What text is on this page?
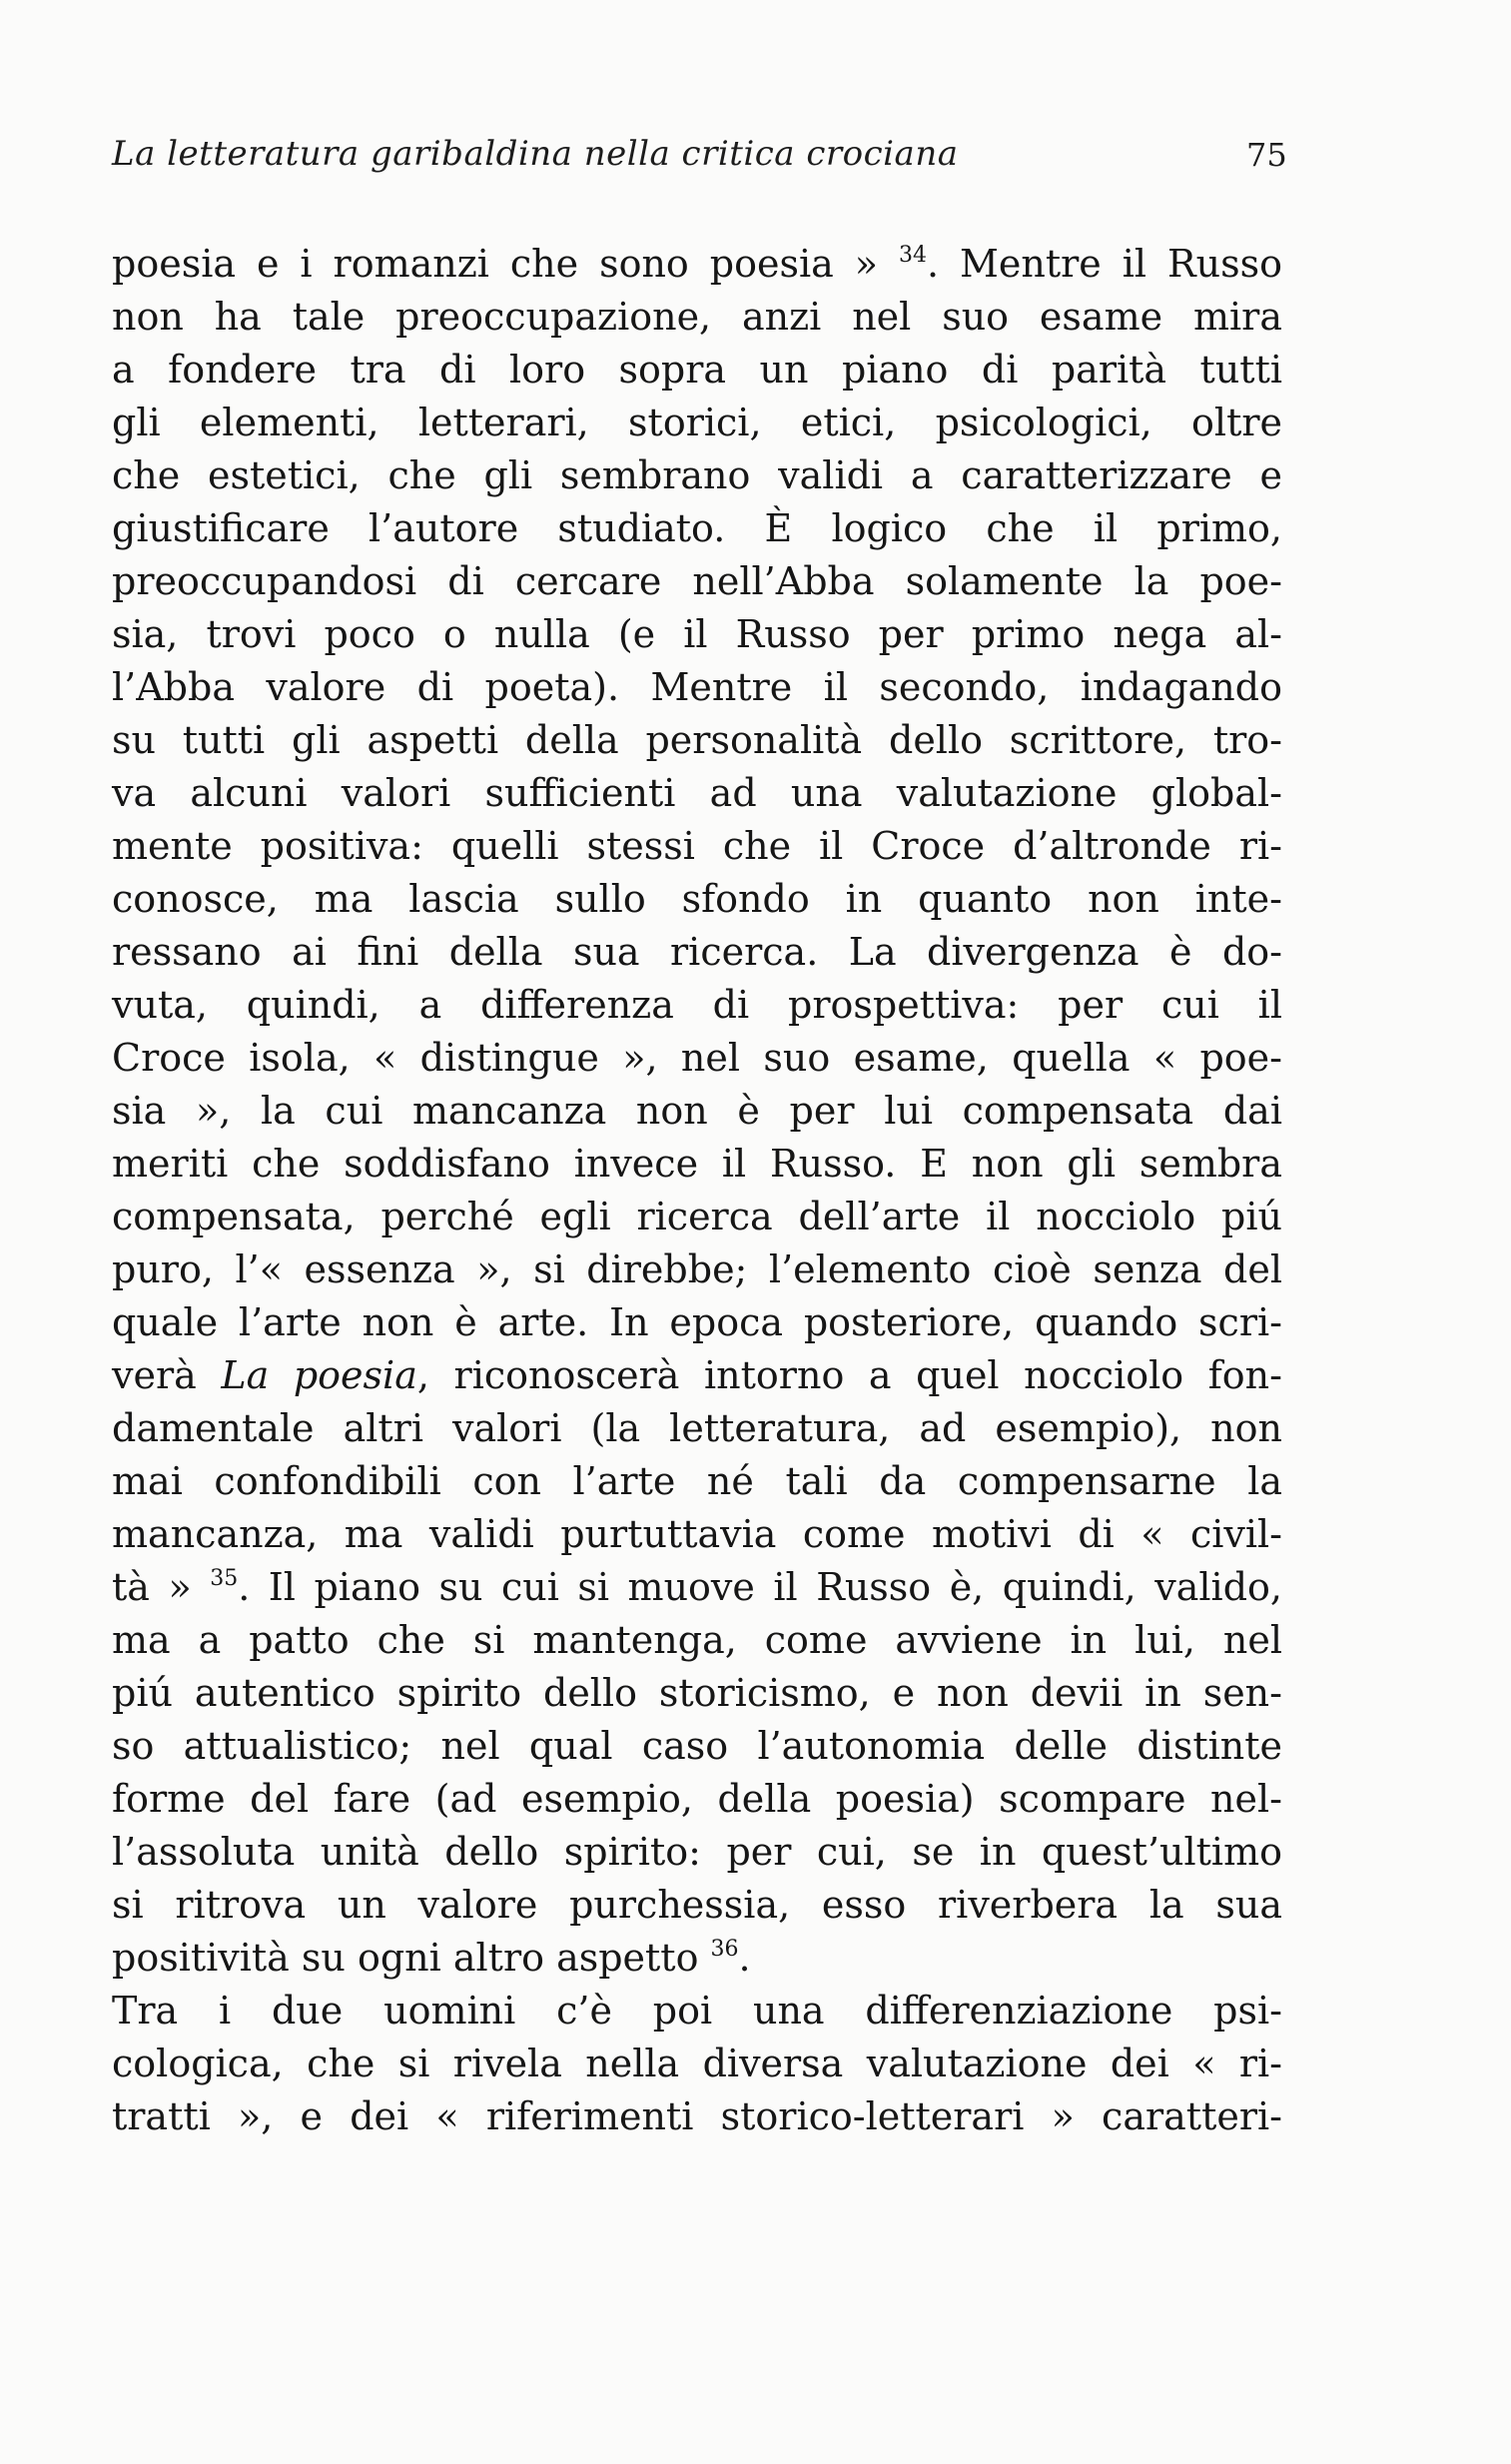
La letteratura garibaldina nella critica crociana	75
poesia e i romanzi che sono poesia » $^{34}$. Mentre il Russo
non ha tale preoccupazione, anzi nel suo esame mira
a fondere tra di loro sopra un piano di parità tutti
gli elementi, letterari, storici, etici, psicologici, oltre
che estetici, che gli sembrano validi a caratterizzare e
giustificare l’autore studiato. È logico che il primo,
preoccupandosi di cercare nell’Abba solamente la poe-
sia, trovi poco o nulla (e il Russo per primo nega al-
l’Abba valore di poeta). Mentre il secondo, indagando
su tutti gli aspetti della personalità dello scrittore, tro-
va alcuni valori sufficienti ad una valutazione global-
mente positiva: quelli stessi che il Croce d’altronde ri-
conosce, ma lascia sullo sfondo in quanto non inte-
ressano ai fini della sua ricerca. La divergenza è do-
vuta, quindi, a differenza di prospettiva: per cui il
Croce isola, « distingue », nel suo esame, quella « poe-
sia », la cui mancanza non è per lui compensata dai
meriti che soddisfano invece il Russo. E non gli sembra
compensata, perché egli ricerca dell’arte il nocciolo piú
puro, l’« essenza », si direbbe; l’elemento cioè senza del
quale l’arte non è arte. In epoca posteriore, quando scri-
verà La poesia, riconoscerà intorno a quel nocciolo fon-
damentale altri valori (la letteratura, ad esempio), non
mai confondibili con l’arte né tali da compensarne la
mancanza, ma validi purtuttavia come motivi di « civil-
tà » $^{35}$. Il piano su cui si muove il Russo è, quindi, valido,
ma a patto che si mantenga, come avviene in lui, nel
piú autentico spirito dello storicismo, e non devii in sen-
so attualistico; nel qual caso l’autonomia delle distinte
forme del fare (ad esempio, della poesia) scompare nel-
l’assoluta unità dello spirito: per cui, se in quest’ultimo
si ritrova un valore purchessia, esso riverbera la sua
positività su ogni altro aspetto $^{36}$.
Tra i due uomini c’è poi una differenziazione psi-
cologica, che si rivela nella diversa valutazione dei « ri-
tratti », e dei « riferimenti storico-letterari » caratteri-
